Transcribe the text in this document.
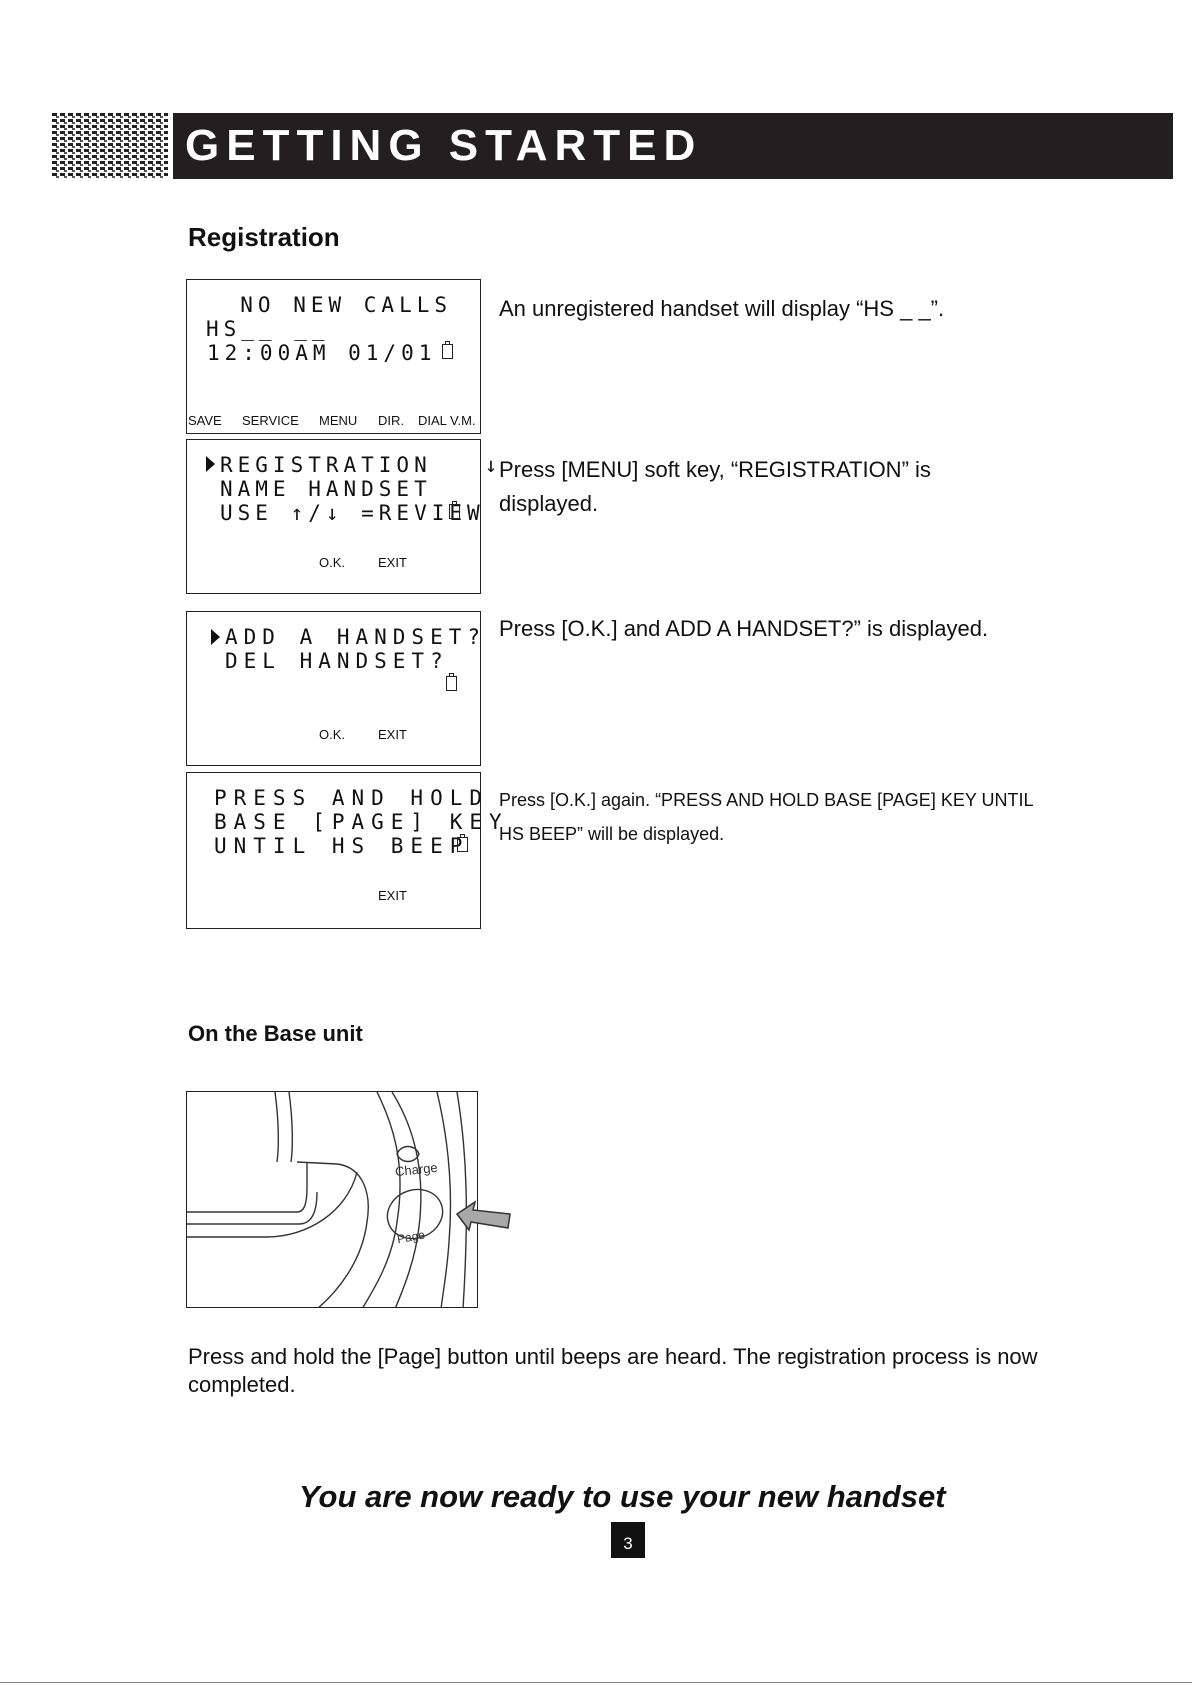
GETTING STARTED
Registration
NO NEW CALLS
HS__ __
12:00AM 01/01
SAVE SERVICE MENU DIR. DIAL V.M.
An unregistered handset will display “HS _ _”.
REGISTRATION   ↓
NAME HANDSET
USE ↑/↓ =REVIEW
O.K.	EXIT
Press [MENU] soft key, “REGISTRATION” is displayed.
ADD A HANDSET?
DEL HANDSET?
O.K.	EXIT
Press [O.K.] and ADD A HANDSET?” is displayed.
PRESS AND HOLD
BASE [PAGE] KEY
UNTIL HS BEEP
EXIT
Press [O.K.] again. “PRESS AND HOLD BASE [PAGE] KEY UNTIL HS BEEP” will be displayed.
On the Base unit
Charge
Page
Press and hold the [Page] button until beeps are heard. The registration process is now completed.
You are now ready to use your new handset
3
